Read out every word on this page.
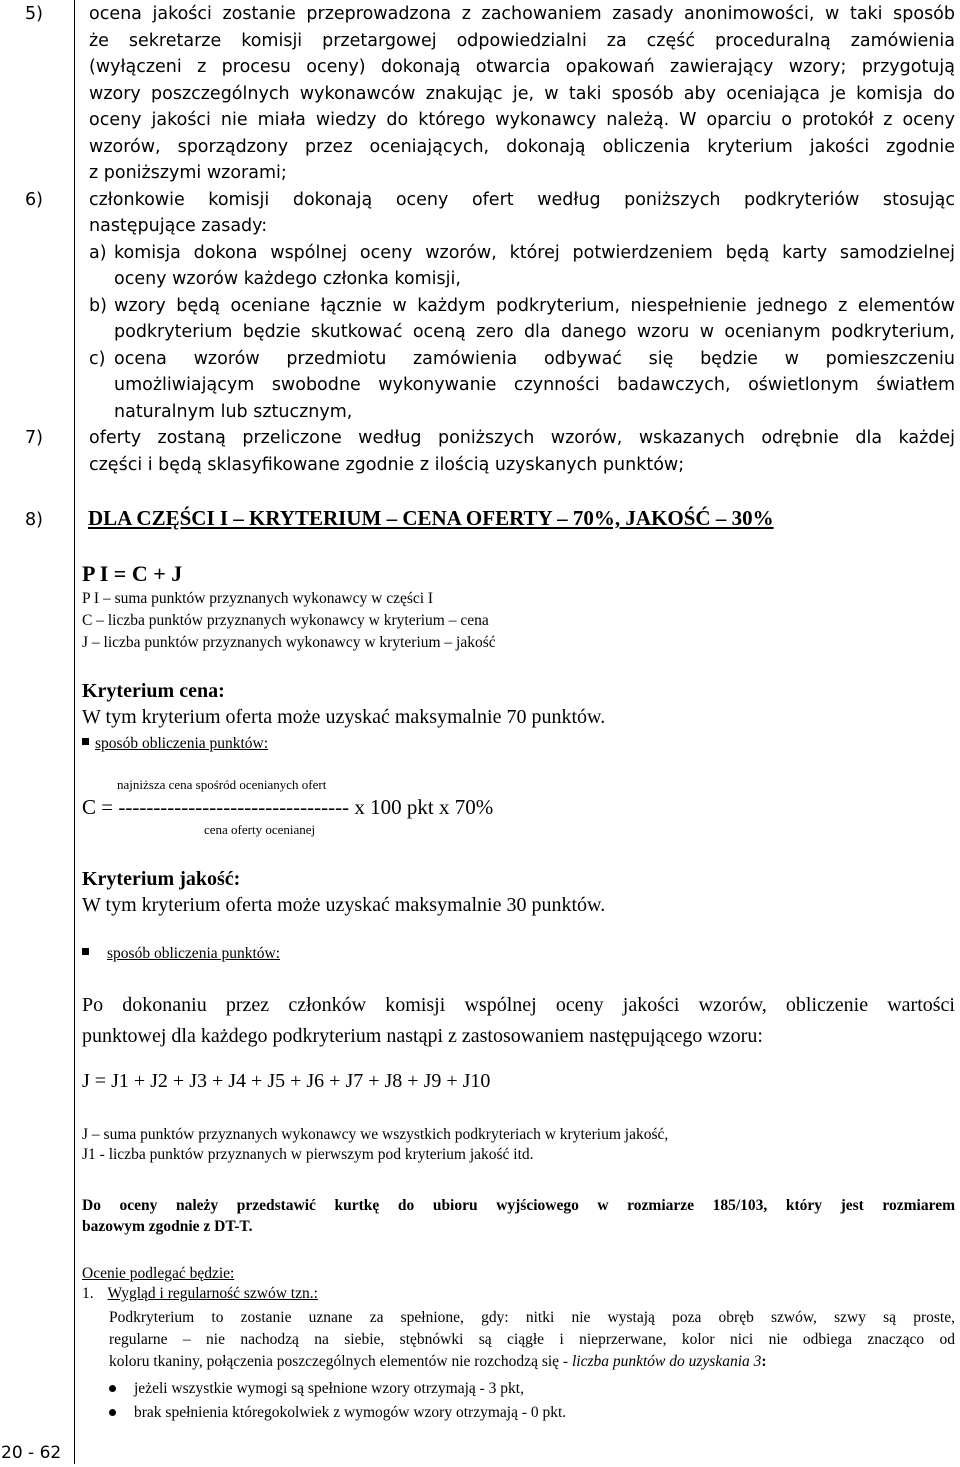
5)	ocena jakości zostanie przeprowadzona z zachowaniem zasady anonimowości, w taki sposób
że sekretarze komisji przetargowej odpowiedzialni za część proceduralną zamówienia
(wyłączeni z procesu oceny) dokonają otwarcia opakowań zawierający wzory; przygotują
wzory poszczególnych wykonawców znakując je, w taki sposób aby oceniająca je komisja do
oceny jakości nie miała wiedzy do którego wykonawcy należą. W oparciu o protokół z oceny
wzorów, sporządzony przez oceniających, dokonają obliczenia kryterium jakości zgodnie
z poniższymi wzorami;
6)	członkowie komisji dokonają oceny ofert według poniższych podkryteriów stosując
następujące zasady:
a) komisja dokona wspólnej oceny wzorów, której potwierdzeniem będą karty samodzielnej
oceny wzorów każdego członka komisji,
b) wzory będą oceniane łącznie w każdym podkryterium, niespełnienie jednego z elementów
podkryterium będzie skutkować oceną zero dla danego wzoru w ocenianym podkryterium,
c) ocena wzorów przedmiotu zamówienia odbywać się będzie w pomieszczeniu
umożliwiającym swobodne wykonywanie czynności badawczych, oświetlonym światłem
naturalnym lub sztucznym,
7)	oferty zostaną przeliczone według poniższych wzorów, wskazanych odrębnie dla każdej
części i będą sklasyfikowane zgodnie z ilością uzyskanych punktów;
8) DLA CZĘŚCI I – KRYTERIUM – CENA OFERTY – 70%, JAKOŚĆ – 30%
P I = C + J
P I – suma punktów przyznanych wykonawcy w części I
C – liczba punktów przyznanych wykonawcy w kryterium – cena
J – liczba punktów przyznanych wykonawcy w kryterium – jakość
Kryterium cena:
W tym kryterium oferta może uzyskać maksymalnie 70 punktów.
sposób obliczenia punktów:
najniższa cena spośród ocenianych ofert
C = --------------------------------- x 100 pkt x 70%
cena oferty ocenianej
Kryterium jakość:
W tym kryterium oferta może uzyskać maksymalnie 30 punktów.
sposób obliczenia punktów:
Po dokonaniu przez członków komisji wspólnej oceny jakości wzorów, obliczenie wartości
punktowej dla każdego podkryterium nastąpi z zastosowaniem następującego wzoru:
J = J1 + J2 + J3 + J4 + J5 + J6 + J7 + J8 + J9 + J10
J – suma punktów przyznanych wykonawcy we wszystkich podkryteriach w kryterium jakość,
J1 - liczba punktów przyznanych w pierwszym pod kryterium jakość itd.
Do oceny należy przedstawić kurtkę do ubioru wyjściowego w rozmiarze 185/103, który jest rozmiarem
bazowym zgodnie z DT-T.
Ocenie podlegać będzie:
1. Wygląd i regularność szwów tzn.:
Podkryterium to zostanie uznane za spełnione, gdy: nitki nie wystają poza obręb szwów, szwy są proste,
regularne – nie nachodzą na siebie, stębnówki są ciągłe i nieprzerwane, kolor nici nie odbiega znacząco od
koloru tkaniny, połączenia poszczególnych elementów nie rozchodzą się - liczba punktów do uzyskania 3:
jeżeli wszystkie wymogi są spełnione wzory otrzymają - 3 pkt,
brak spełnienia któregokolwiek z wymogów wzory otrzymają - 0 pkt.
20 - 62
